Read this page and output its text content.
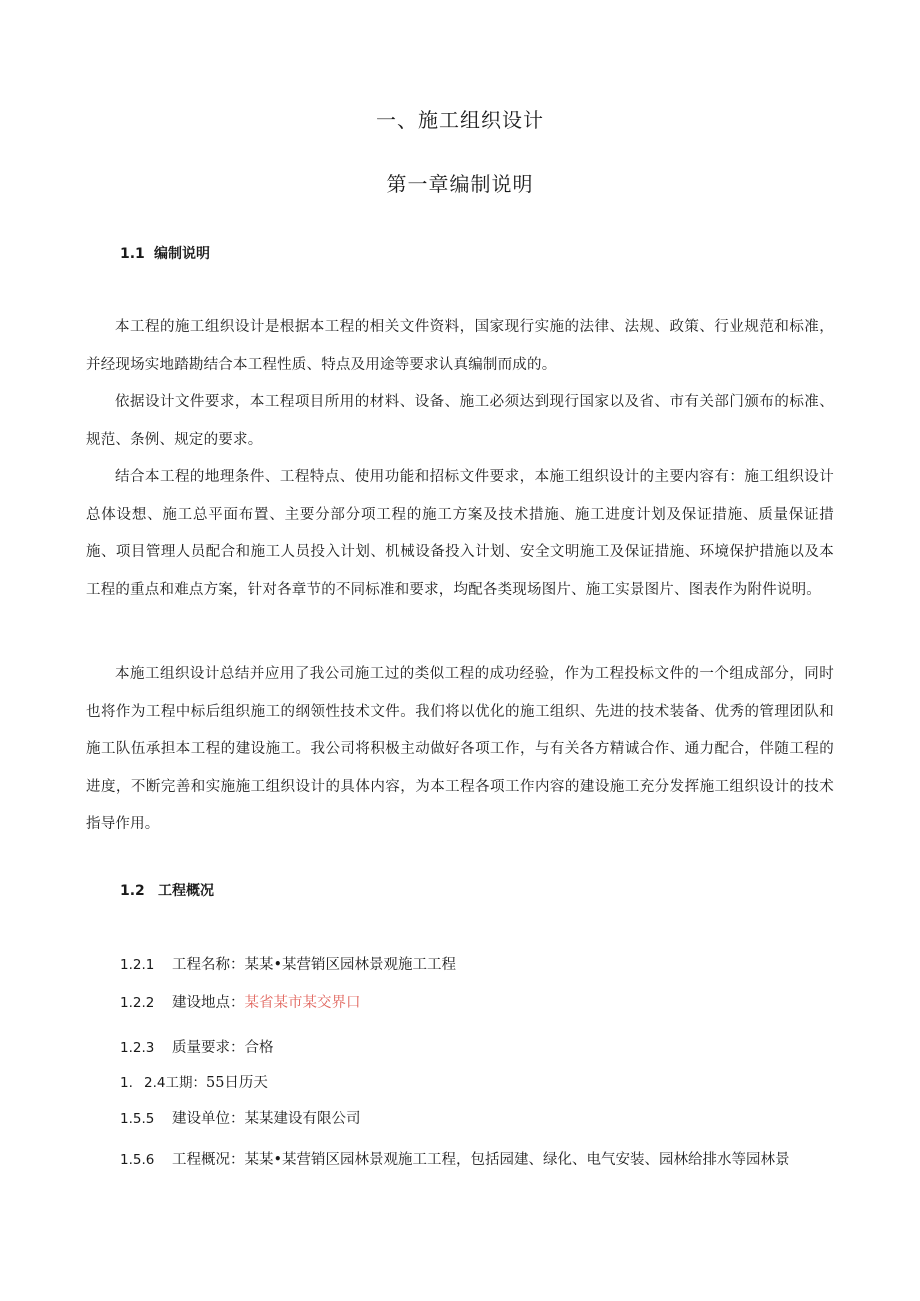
一、施工组织设计
第一章编制说明
1.1 编制说明

本工程的施工组织设计是根据本工程的相关文件资料，国家现行实施的法律、法规、政策、行业规范和标准，并经现场实地踏勘结合本工程性质、特点及用途等要求认真编制而成的。

依据设计文件要求，本工程项目所用的材料、设备、施工必须达到现行国家以及省、市有关部门颁布的标准、规范、条例、规定的要求。

结合本工程的地理条件、工程特点、使用功能和招标文件要求，本施工组织设计的主要内容有：施工组织设计总体设想、施工总平面布置、主要分部分项工程的施工方案及技术措施、施工进度计划及保证措施、质量保证措施、项目管理人员配合和施工人员投入计划、机械设备投入计划、安全文明施工及保证措施、环境保护措施以及本工程的重点和难点方案，针对各章节的不同标准和要求，均配各类现场图片、施工实景图片、图表作为附件说明。

本施工组织设计总结并应用了我公司施工过的类似工程的成功经验，作为工程投标文件的一个组成部分，同时也将作为工程中标后组织施工的纲领性技术文件。我们将以优化的施工组织、先进的技术装备、优秀的管理团队和施工队伍承担本工程的建设施工。我公司将积极主动做好各项工作，与有关各方精诚合作、通力配合，伴随工程的进度，不断完善和实施施工组织设计的具体内容，为本工程各项工作内容的建设施工充分发挥施工组织设计的技术指导作用。

1.2 工程概况
1.2.1 工程名称：某某•某营销区园林景观施工工程
1.2.2 建设地点：某省某市某交界口
1.2.3 质量要求：合格
1. 2.4工期：55日历天
1.5.5 建设单位：某某建设有限公司
1.5.6 工程概况：某某•某营销区园林景观施工工程，包括园建、绿化、电气安装、园林给排水等园林景
